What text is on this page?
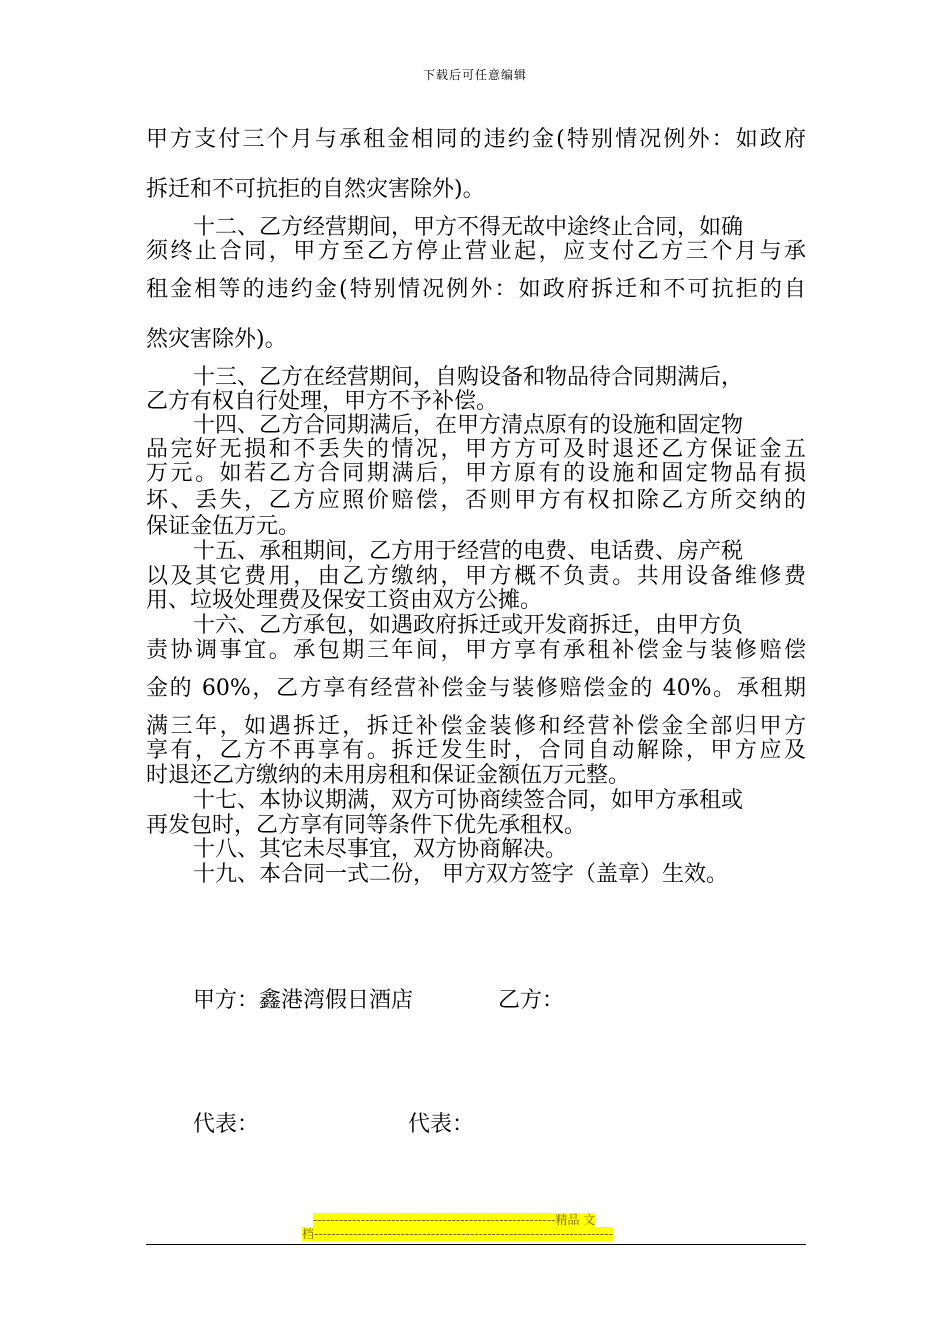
下载后可任意编辑
甲方支付三个月与承租金相同的违约金(特别情况例外：如政府
拆迁和不可抗拒的自然灾害除外)。
十二、乙方经营期间，甲方不得无故中途终止合同，如确
须终止合同，甲方至乙方停止营业起，应支付乙方三个月与承
租金相等的违约金(特别情况例外：如政府拆迁和不可抗拒的自
然灾害除外)。
十三、乙方在经营期间，自购设备和物品待合同期满后，
乙方有权自行处理，甲方不予补偿。
十四、乙方合同期满后，在甲方清点原有的设施和固定物
品完好无损和不丢失的情况，甲方方可及时退还乙方保证金五
万元。如若乙方合同期满后，甲方原有的设施和固定物品有损
坏、丢失，乙方应照价赔偿，否则甲方有权扣除乙方所交纳的
保证金伍万元。
十五、承租期间，乙方用于经营的电费、电话费、房产税
以及其它费用，由乙方缴纳，甲方概不负责。共用设备维修费
用、垃圾处理费及保安工资由双方公摊。
十六、乙方承包，如遇政府拆迁或开发商拆迁，由甲方负
责协调事宜。承包期三年间，甲方享有承租补偿金与装修赔偿
金的 60%，乙方享有经营补偿金与装修赔偿金的 40%。承租期
满三年，如遇拆迁，拆迁补偿金装修和经营补偿金全部归甲方
享有，乙方不再享有。拆迁发生时，合同自动解除，甲方应及
时退还乙方缴纳的未用房租和保证金额伍万元整。
十七、本协议期满，双方可协商续签合同，如甲方承租或
再发包时，乙方享有同等条件下优先承租权。
十八、其它未尽事宜，双方协商解决。
十九、本合同一式二份， 甲方双方签字（盖章）生效。
甲方：鑫港湾假日酒店	乙方：
代表：	代表：
--------------------------------------------------------精品 文
档---------------------------------------------------------------------
